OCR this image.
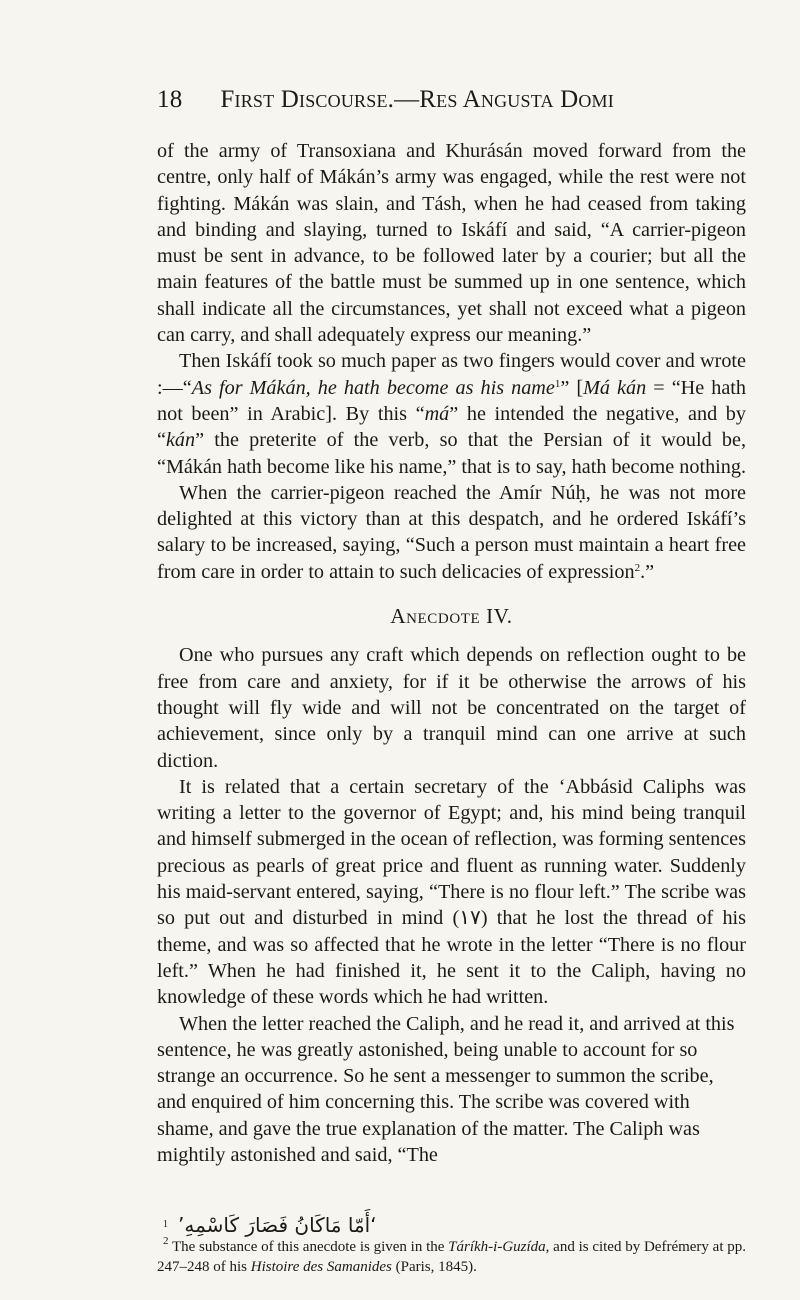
18 First Discourse.—Res Angusta Domi

of the army of Transoxiana and Khurásán moved forward from the centre, only half of Mákán’s army was engaged, while the rest were not fighting. Mákán was slain, and Tásh, when he had ceased from taking and binding and slaying, turned to Iskáfí and said, “A carrier-pigeon must be sent in advance, to be followed later by a courier; but all the main features of the battle must be summed up in one sentence, which shall indicate all the circumstances, yet shall not exceed what a pigeon can carry, and shall adequately express our meaning.”

Then Iskáfí took so much paper as two fingers would cover and wrote :—“As for Mákán, he hath become as his name$^1$” [Má kán = “He hath not been” in Arabic]. By this “má” he intended the negative, and by “kán” the preterite of the verb, so that the Persian of it would be, “Mákán hath become like his name,” that is to say, hath become nothing.

When the carrier-pigeon reached the Amír Núḥ, he was not more delighted at this victory than at this despatch, and he ordered Iskáfí’s salary to be increased, saying, “Such a person must maintain a heart free from care in order to attain to such delicacies of expression$^2$.”

Anecdote IV.

One who pursues any craft which depends on reflection ought to be free from care and anxiety, for if it be otherwise the arrows of his thought will fly wide and will not be concentrated on the target of achievement, since only by a tranquil mind can one arrive at such diction.

It is related that a certain secretary of the ‘Abbásid Caliphs was writing a letter to the governor of Egypt; and, his mind being tranquil and himself submerged in the ocean of reflection, was forming sentences precious as pearls of great price and fluent as running water. Suddenly his maid-servant entered, saying, “There is no flour left.” The scribe was so put out and disturbed in mind (١٧) that he lost the thread of his theme, and was so affected that he wrote in the letter “There is no flour left.” When he had finished it, he sent it to the Caliph, having no knowledge of these words which he had written.

When the letter reached the Caliph, and he read it, and arrived at this sentence, he was greatly astonished, being unable to account for so strange an occurrence. So he sent a messenger to summon the scribe, and enquired of him concerning this. The scribe was covered with shame, and gave the true explanation of the matter. The Caliph was mightily astonished and said, “The

1 ‘أَمّا مَاكَانُ فَصَارَ كَاسْمِهِ’
$^2$ The substance of this anecdote is given in the Táríkh-i-Guzída, and is cited by Defrémery at pp. 247–248 of his Histoire des Samanides (Paris, 1845).
